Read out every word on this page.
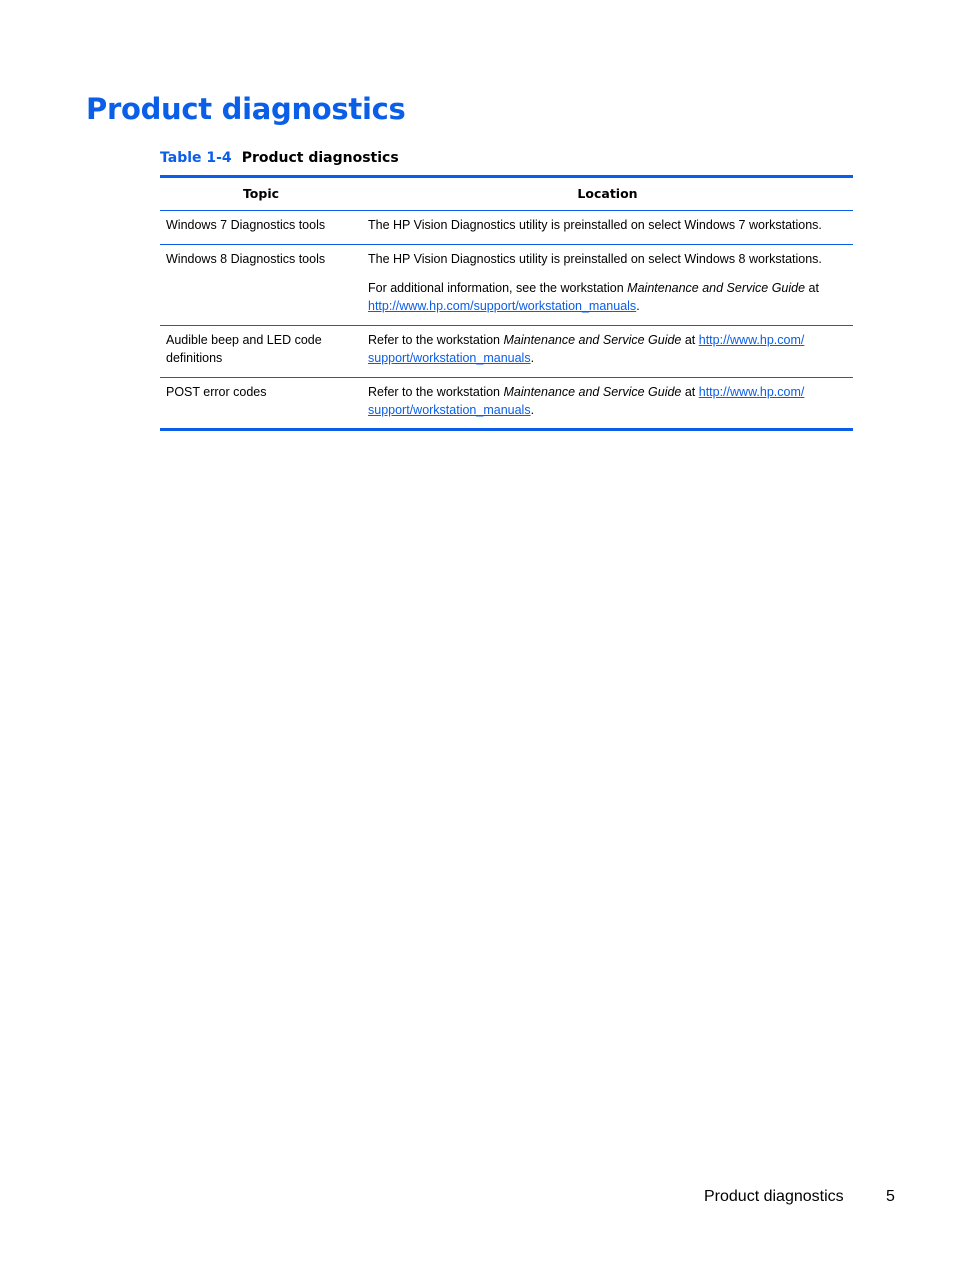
Product diagnostics
Table 1-4 Product diagnostics
Topic	Location
Windows 7 Diagnostics tools	The HP Vision Diagnostics utility is preinstalled on select Windows 7 workstations.

Windows 8 Diagnostics tools	The HP Vision Diagnostics utility is preinstalled on select Windows 8 workstations.

For additional information, see the workstation Maintenance and Service Guide at
http://www.hp.com/support/workstation_manuals.

Audible beep and LED code
definitions	Refer to the workstation Maintenance and Service Guide at http://www.hp.com/
support/workstation_manuals.

POST error codes	Refer to the workstation Maintenance and Service Guide at http://www.hp.com/
support/workstation_manuals.

Product diagnostics	5
